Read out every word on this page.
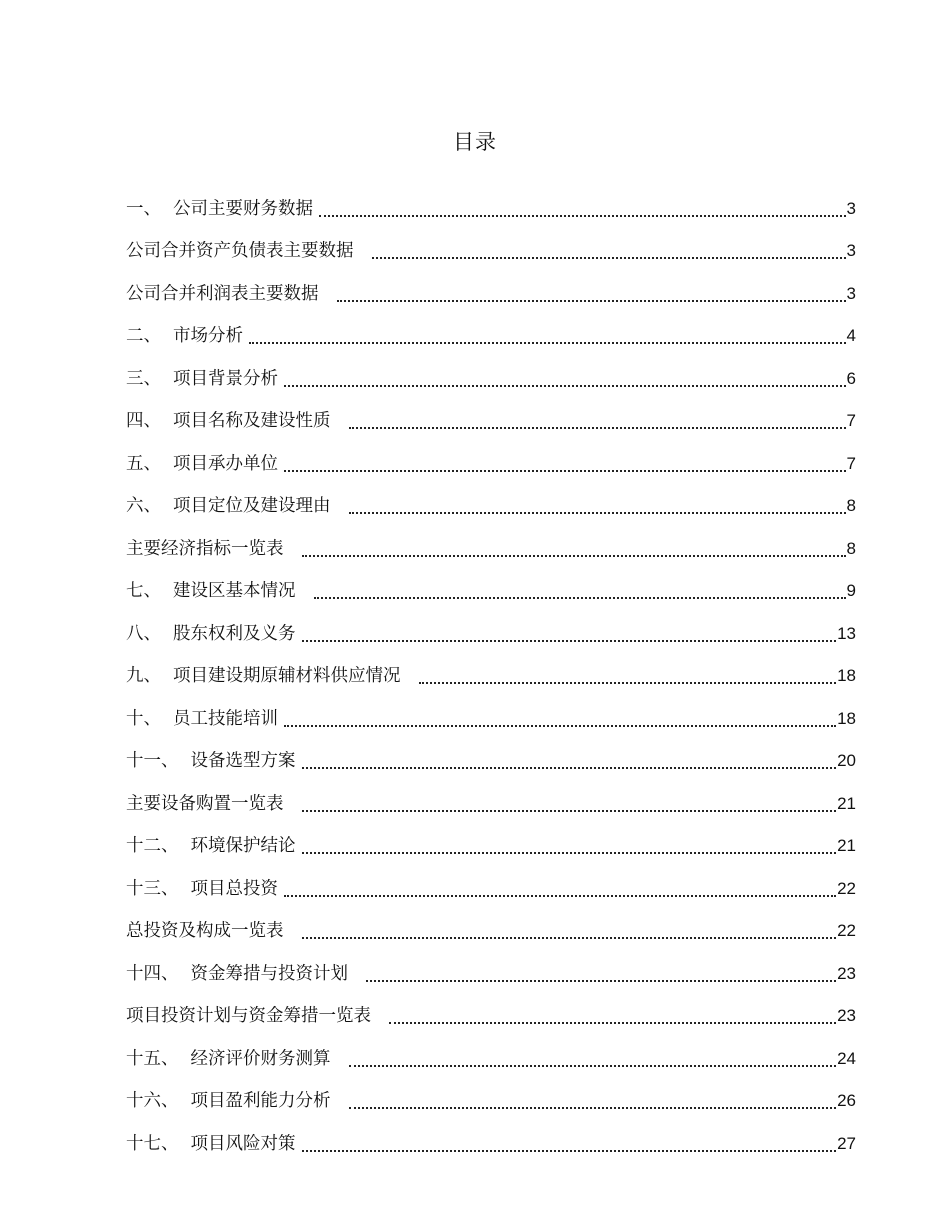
目录
一、 公司主要财务数据	3
公司合并资产负债表主要数据	3
公司合并利润表主要数据	3
二、 市场分析	4
三、 项目背景分析	6
四、 项目名称及建设性质	7
五、 项目承办单位	7
六、 项目定位及建设理由	8
主要经济指标一览表	8
七、 建设区基本情况	9
八、 股东权利及义务	13
九、 项目建设期原辅材料供应情况	18
十、 员工技能培训	18
十一、 设备选型方案	20
主要设备购置一览表	21
十二、 环境保护结论	21
十三、 项目总投资	22
总投资及构成一览表	22
十四、 资金筹措与投资计划	23
项目投资计划与资金筹措一览表	23
十五、 经济评价财务测算	24
十六、 项目盈利能力分析	26
十七、 项目风险对策	27
